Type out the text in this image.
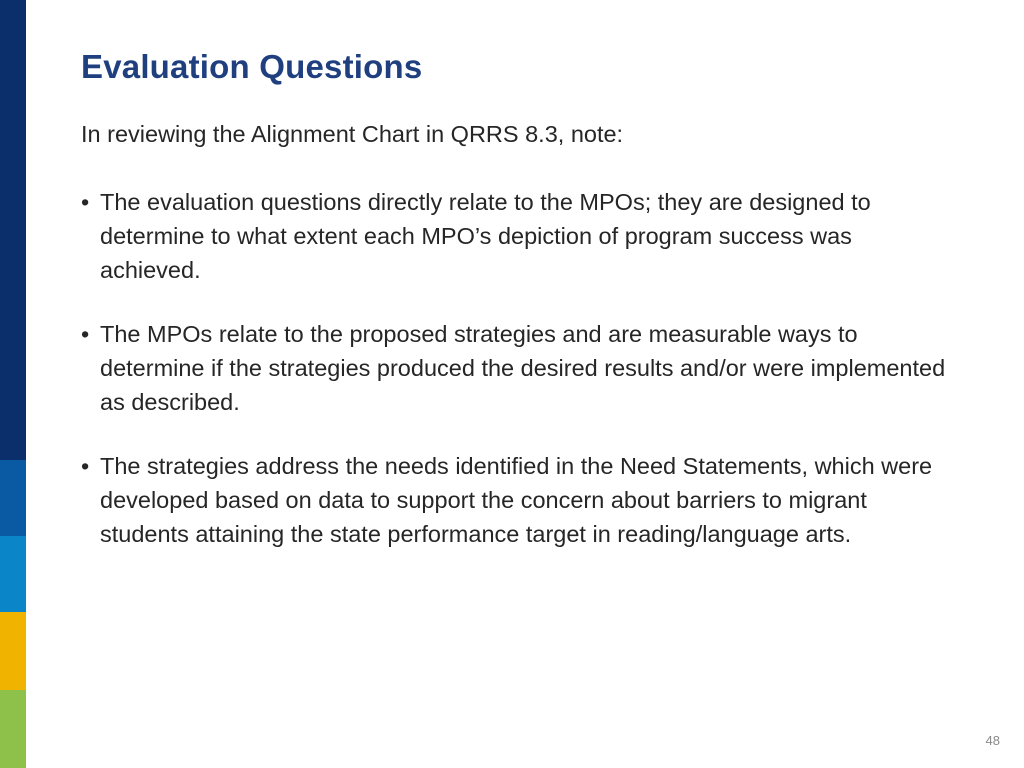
Evaluation Questions

In reviewing the Alignment Chart in QRRS 8.3, note:

• The evaluation questions directly relate to the MPOs; they are designed to determine to what extent each MPO’s depiction of program success was achieved.
• The MPOs relate to the proposed strategies and are measurable ways to determine if the strategies produced the desired results and/or were implemented as described.
• The strategies address the needs identified in the Need Statements, which were developed based on data to support the concern about barriers to migrant students attaining the state performance target in reading/language arts.
48
